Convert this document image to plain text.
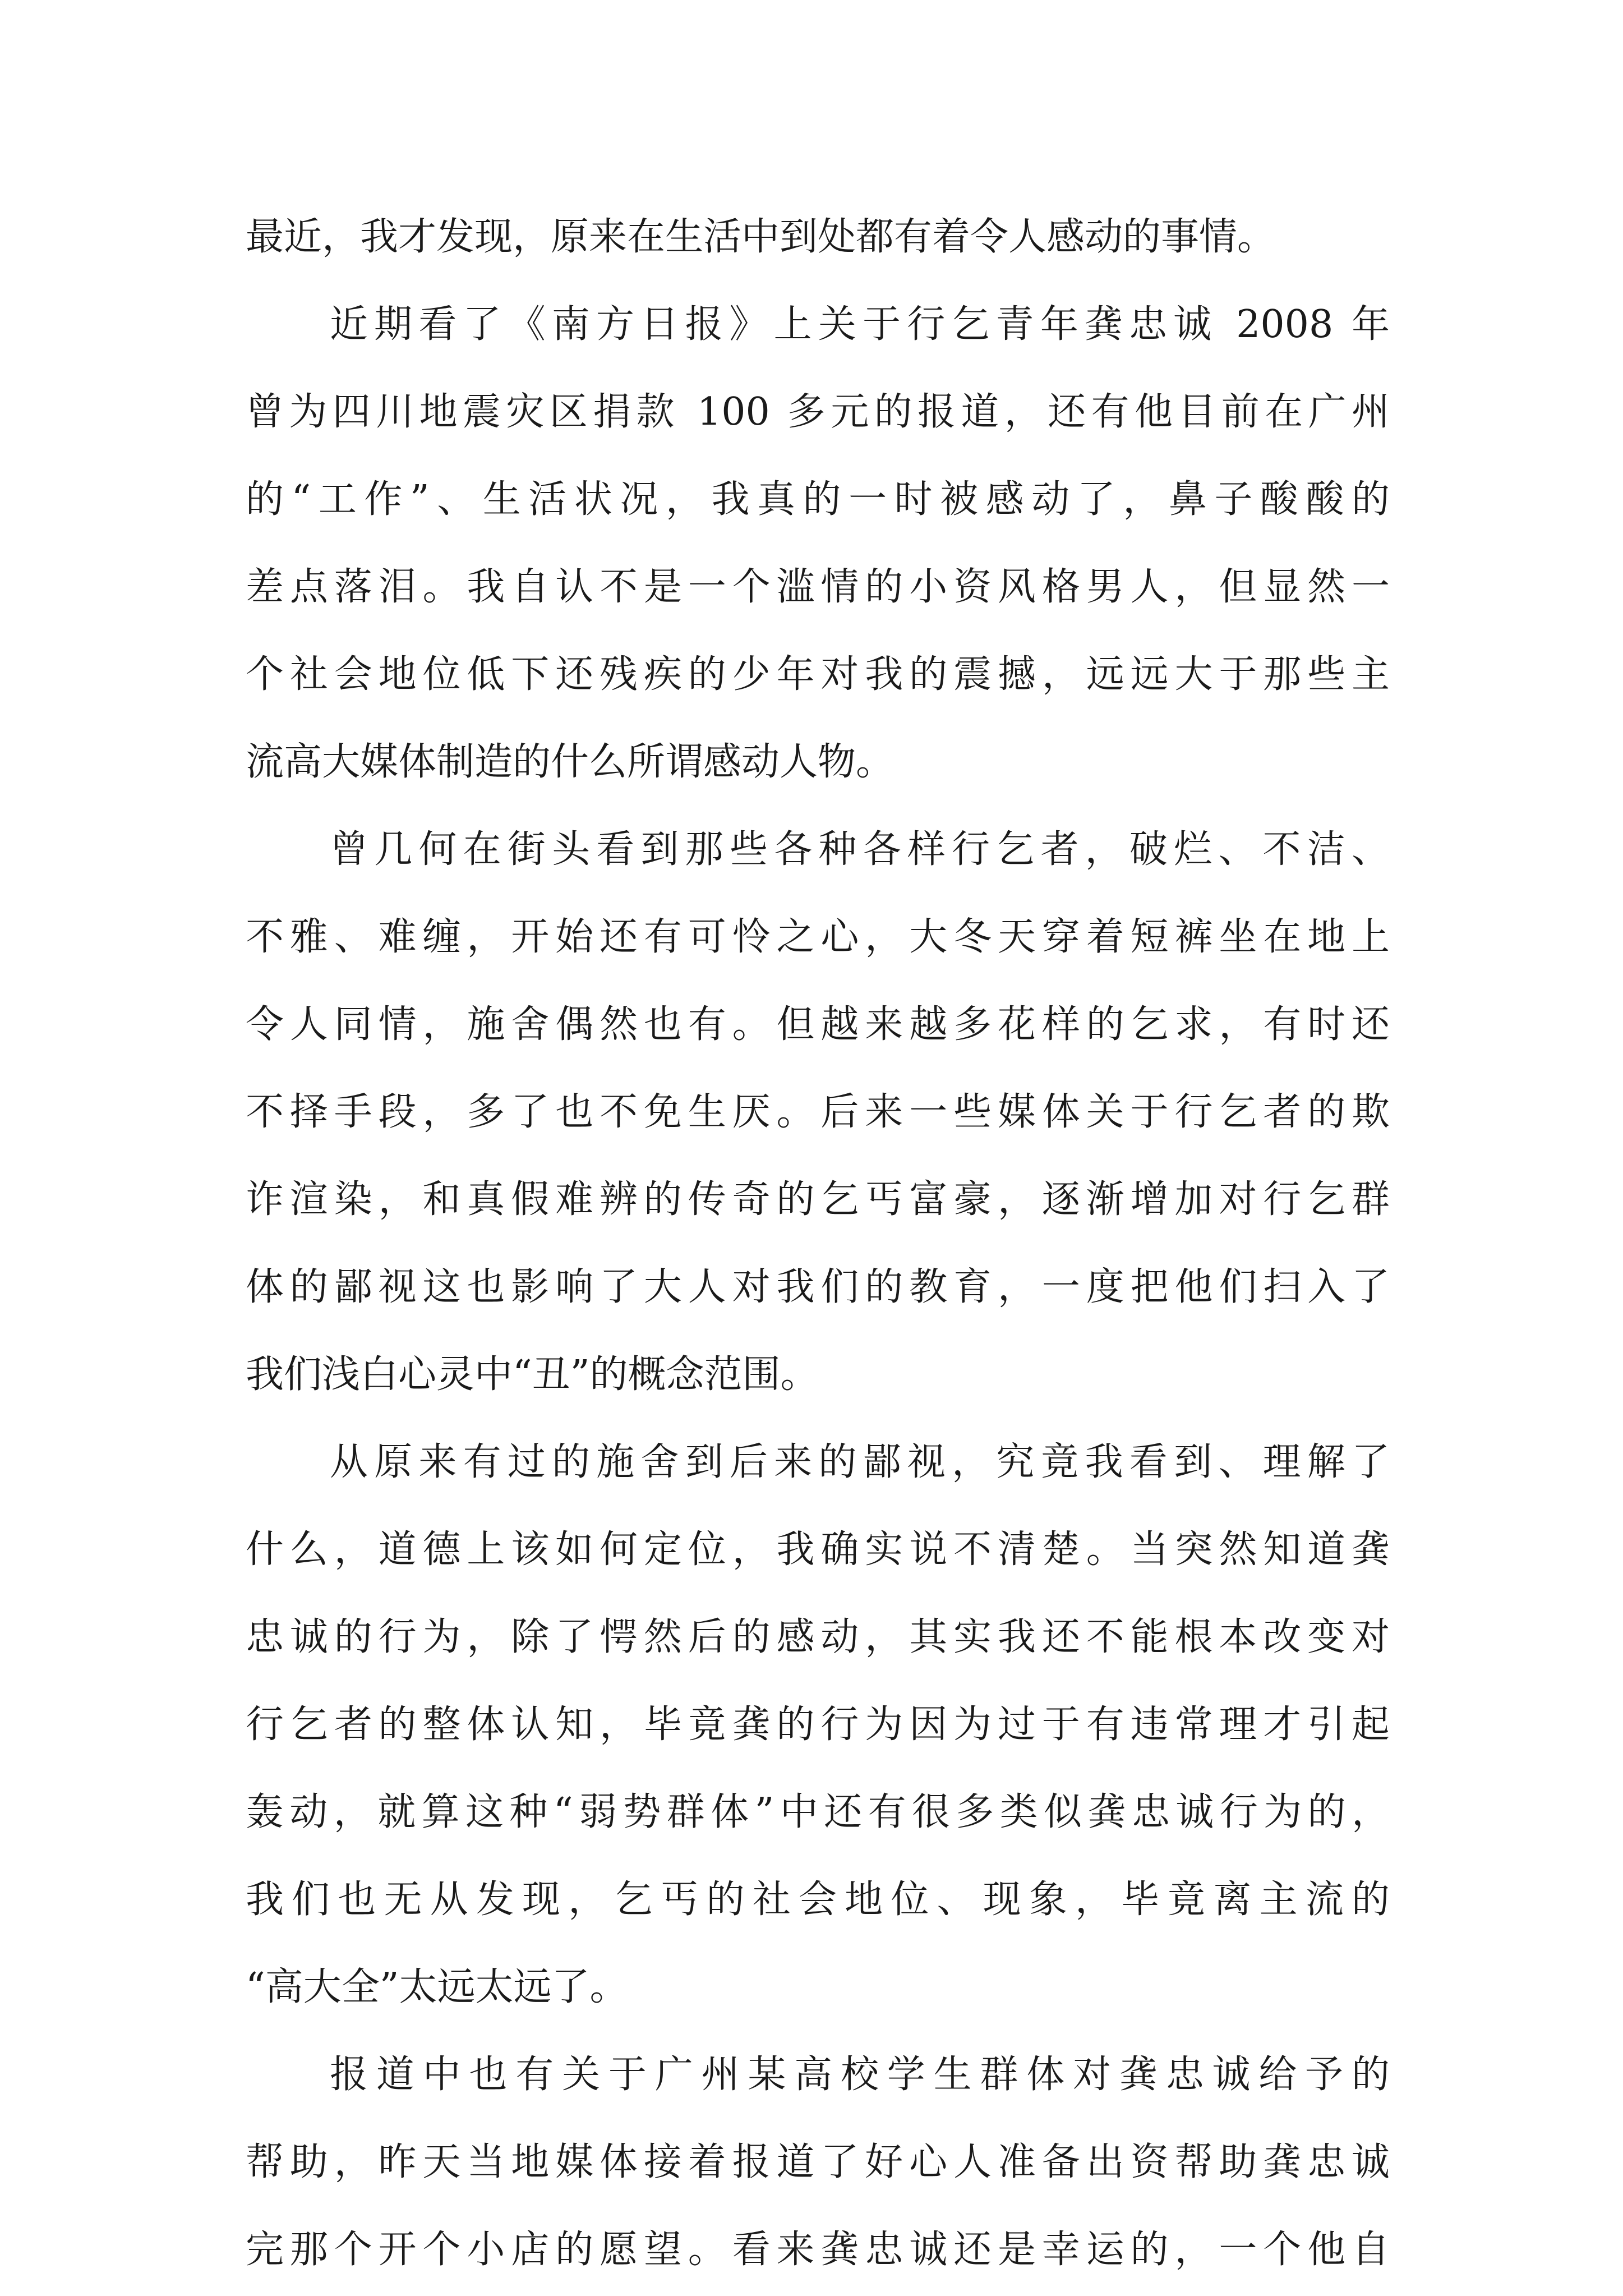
最近，我才发现，原来在生活中到处都有着令人感动的事情。
近期看了《南方日报》上关于行乞青年龚忠诚 2008 年
曾为四川地震灾区捐款 100 多元的报道，还有他目前在广州
的“工作”、生活状况，我真的一时被感动了，鼻子酸酸的
差点落泪。我自认不是一个滥情的小资风格男人，但显然一
个社会地位低下还残疾的少年对我的震撼，远远大于那些主
流高大媒体制造的什么所谓感动人物。
曾几何在街头看到那些各种各样行乞者，破烂、不洁、
不雅、难缠，开始还有可怜之心，大冬天穿着短裤坐在地上
令人同情，施舍偶然也有。但越来越多花样的乞求，有时还
不择手段，多了也不免生厌。后来一些媒体关于行乞者的欺
诈渲染，和真假难辨的传奇的乞丐富豪，逐渐增加对行乞群
体的鄙视这也影响了大人对我们的教育，一度把他们扫入了
我们浅白心灵中“丑”的概念范围。
从原来有过的施舍到后来的鄙视，究竟我看到、理解了
什么，道德上该如何定位，我确实说不清楚。当突然知道龚
忠诚的行为，除了愕然后的感动，其实我还不能根本改变对
行乞者的整体认知，毕竟龚的行为因为过于有违常理才引起
轰动，就算这种“弱势群体”中还有很多类似龚忠诚行为的，
我们也无从发现，乞丐的社会地位、现象，毕竟离主流的
“高大全”太远太远了。
报道中也有关于广州某高校学生群体对龚忠诚给予的
帮助，昨天当地媒体接着报道了好心人准备出资帮助龚忠诚
完那个开个小店的愿望。看来龚忠诚还是幸运的，一个他自
